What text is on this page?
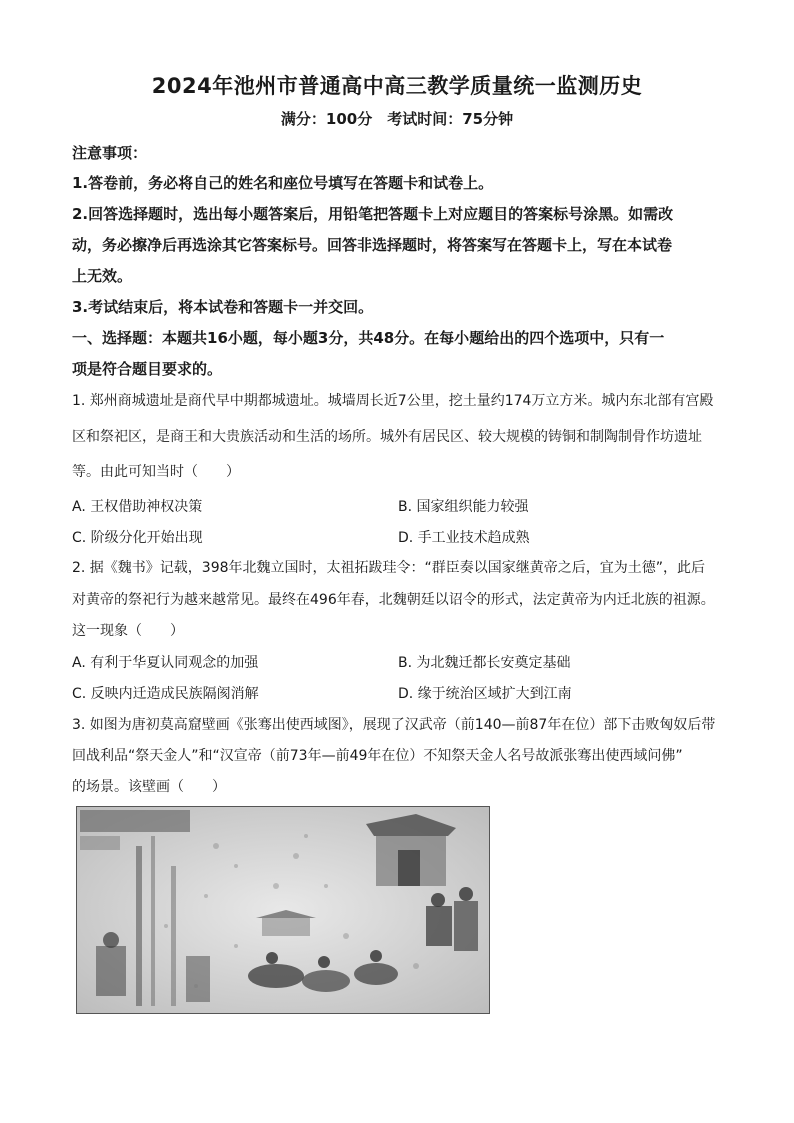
2024年池州市普通高中高三教学质量统一监测历史
满分：100分　考试时间：75分钟
注意事项：
1.答卷前，务必将自己的姓名和座位号填写在答题卡和试卷上。
2.回答选择题时，选出每小题答案后，用铅笔把答题卡上对应题目的答案标号涂黑。如需改
动，务必擦净后再选涂其它答案标号。回答非选择题时，将答案写在答题卡上，写在本试卷
上无效。
3.考试结束后，将本试卷和答题卡一并交回。
一、选择题：本题共16小题，每小题3分，共48分。在每小题给出的四个选项中，只有一
项是符合题目要求的。
1. 郑州商城遗址是商代早中期都城遗址。城墙周长近7公里，挖土量约174万立方米。城内东北部有宫殿
区和祭祀区，是商王和大贵族活动和生活的场所。城外有居民区、较大规模的铸铜和制陶制骨作坊遗址
等。由此可知当时（　　）
A. 王权借助神权决策	B. 国家组织能力较强
C. 阶级分化开始出现	D. 手工业技术趋成熟
2. 据《魏书》记载，398年北魏立国时，太祖拓跋珪令：“群臣奏以国家继黄帝之后，宜为土德”，此后
对黄帝的祭祀行为越来越常见。最终在496年春，北魏朝廷以诏令的形式，法定黄帝为内迁北族的祖源。
这一现象（　　）
A. 有利于华夏认同观念的加强	B. 为北魏迁都长安奠定基础
C. 反映内迁造成民族隔阂消解	D. 缘于统治区域扩大到江南
3. 如图为唐初莫高窟壁画《张骞出使西域图》，展现了汉武帝（前140—前87年在位）部下击败匈奴后带
回战利品“祭天金人”和“汉宣帝（前73年—前49年在位）不知祭天金人名号故派张骞出使西域问佛”
的场景。该壁画（　　）
